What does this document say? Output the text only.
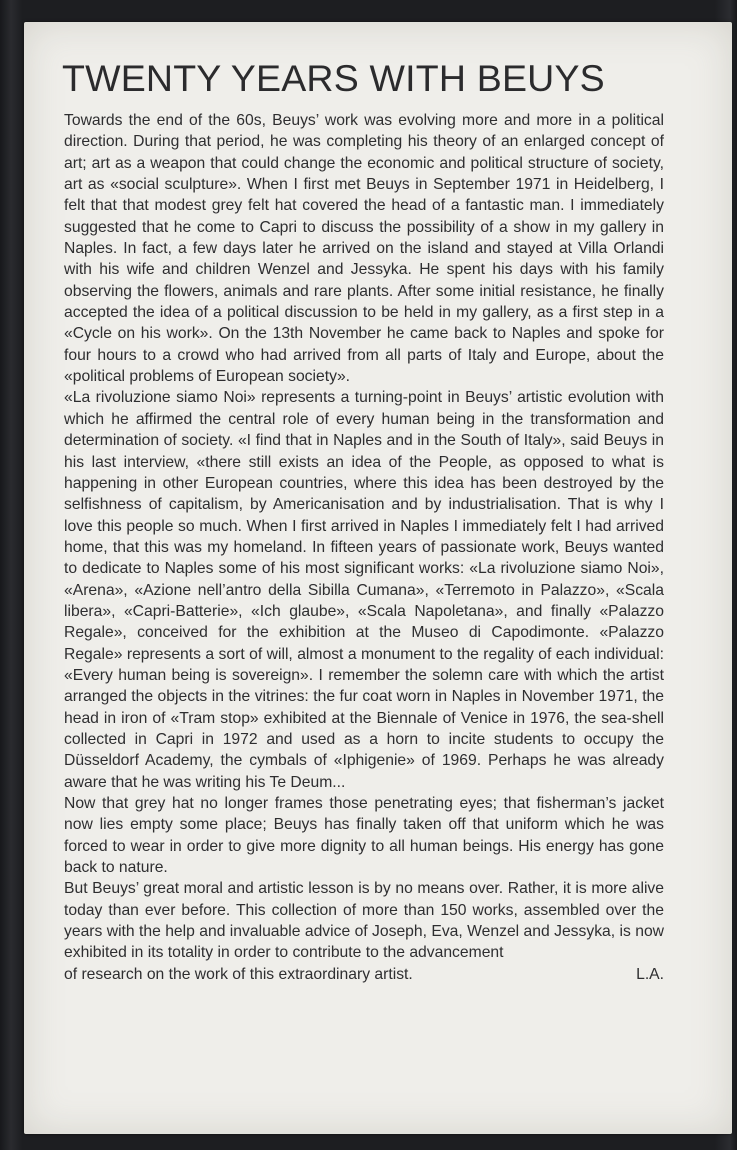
TWENTY YEARS WITH BEUYS

Towards the end of the 60s, Beuys’ work was evolving more and more in a political direction. During that period, he was completing his theory of an enlarged concept of art; art as a weapon that could change the economic and political structure of society, art as «social sculpture». When I first met Beuys in September 1971 in Heidelberg, I felt that that modest grey felt hat covered the head of a fantastic man. I immediately suggested that he come to Capri to discuss the possibility of a show in my gallery in Naples. In fact, a few days later he arrived on the island and stayed at Villa Orlandi with his wife and children Wenzel and Jessyka. He spent his days with his family observing the flowers, animals and rare plants. After some initial resistance, he finally accepted the idea of a political discussion to be held in my gallery, as a first step in a «Cycle on his work». On the 13th November he came back to Naples and spoke for four hours to a crowd who had arrived from all parts of Italy and Europe, about the «political problems of European society».

«La rivoluzione siamo Noi» represents a turning-point in Beuys’ artistic evolution with which he affirmed the central role of every human being in the transformation and determination of society. «I find that in Naples and in the South of Italy», said Beuys in his last interview, «there still exists an idea of the People, as opposed to what is happening in other European countries, where this idea has been destroyed by the selfishness of capitalism, by Americanisation and by industrialisation. That is why I love this people so much. When I first arrived in Naples I immediately felt I had arrived home, that this was my homeland. In fifteen years of passionate work, Beuys wanted to dedicate to Naples some of his most significant works: «La rivoluzione siamo Noi», «Arena», «Azione nell’antro della Sibilla Cumana», «Terremoto in Palazzo», «Scala libera», «Capri-Batterie», «Ich glaube», «Scala Napoletana», and finally «Palazzo Regale», conceived for the exhibition at the Museo di Capodimonte. «Palazzo Regale» represents a sort of will, almost a monument to the regality of each individual: «Every human being is sovereign». I remember the solemn care with which the artist arranged the objects in the vitrines: the fur coat worn in Naples in November 1971, the head in iron of «Tram stop» exhibited at the Biennale of Venice in 1976, the sea-shell collected in Capri in 1972 and used as a horn to incite students to occupy the Düsseldorf Academy, the cymbals of «Iphigenie» of 1969. Perhaps he was already aware that he was writing his Te Deum...

Now that grey hat no longer frames those penetrating eyes; that fisherman’s jacket now lies empty some place; Beuys has finally taken off that uniform which he was forced to wear in order to give more dignity to all human beings. His energy has gone back to nature.

But Beuys’ great moral and artistic lesson is by no means over. Rather, it is more alive today than ever before. This collection of more than 150 works, assembled over the years with the help and invaluable advice of Joseph, Eva, Wenzel and Jessyka, is now exhibited in its totality in order to contribute to the advancement

of research on the work of this extraordinary artist.	L.A.
